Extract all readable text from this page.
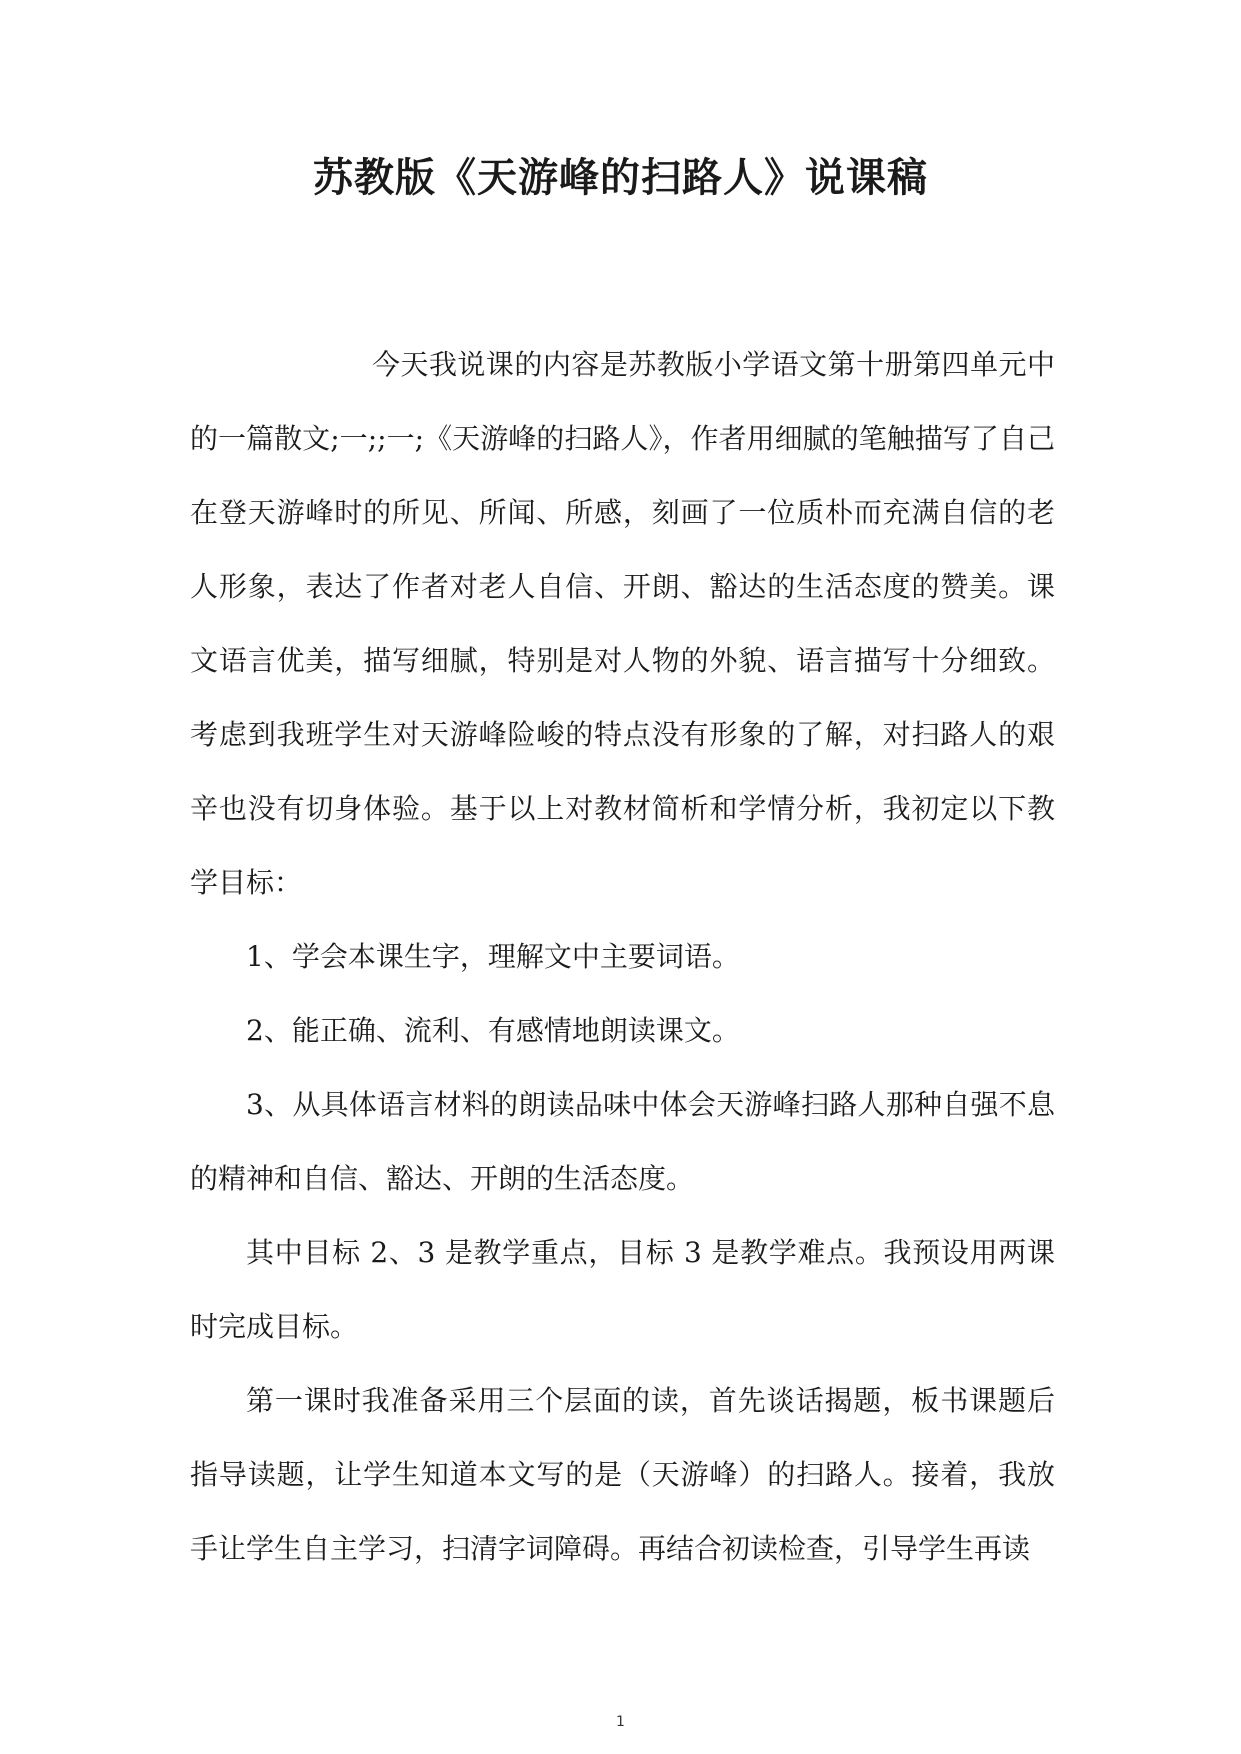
苏教版《天游峰的扫路人》说课稿

今天我说课的内容是苏教版小学语文第十册第四单元中的一篇散文;一;;一;《天游峰的扫路人》，作者用细腻的笔触描写了自己在登天游峰时的所见、所闻、所感，刻画了一位质朴而充满自信的老人形象，表达了作者对老人自信、开朗、豁达的生活态度的赞美。课文语言优美，描写细腻，特别是对人物的外貌、语言描写十分细致。考虑到我班学生对天游峰险峻的特点没有形象的了解，对扫路人的艰辛也没有切身体验。基于以上对教材简析和学情分析，我初定以下教学目标：

1、学会本课生字，理解文中主要词语。

2、能正确、流利、有感情地朗读课文。

3、从具体语言材料的朗读品味中体会天游峰扫路人那种自强不息的精神和自信、豁达、开朗的生活态度。

其中目标 2、3 是教学重点，目标 3 是教学难点。我预设用两课时完成目标。

第一课时我准备采用三个层面的读，首先谈话揭题，板书课题后指导读题，让学生知道本文写的是（天游峰）的扫路人。接着，我放手让学生自主学习，扫清字词障碍。再结合初读检查，引导学生再读

1
